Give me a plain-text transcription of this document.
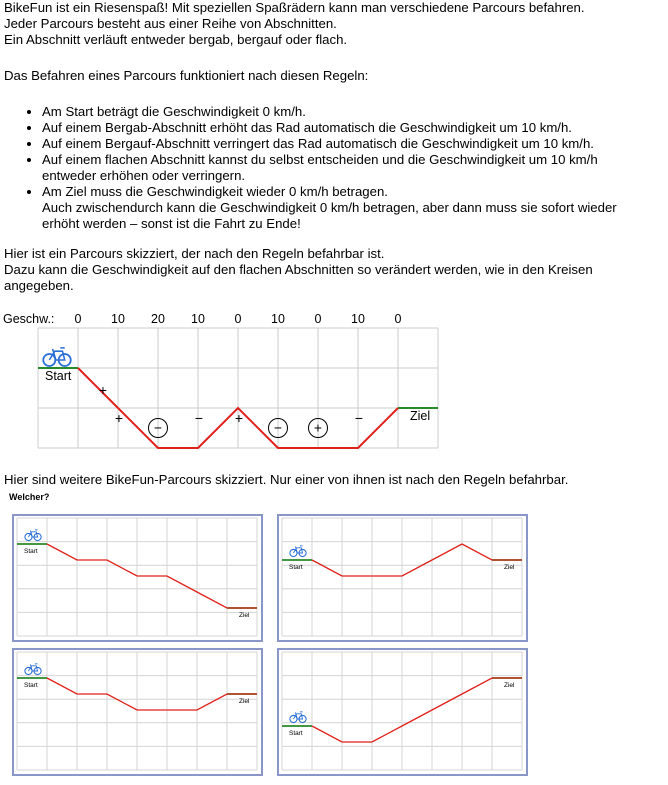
BikeFun ist ein Riesenspaß! Mit speziellen Spaßrädern kann man verschiedene Parcours befahren.
Jeder Parcours besteht aus einer Reihe von Abschnitten.
Ein Abschnitt verläuft entweder bergab, bergauf oder flach.
Das Befahren eines Parcours funktioniert nach diesen Regeln:
• Am Start beträgt die Geschwindigkeit 0 km/h.
• Auf einem Bergab-Abschnitt erhöht das Rad automatisch die Geschwindigkeit um 10 km/h.
• Auf einem Bergauf-Abschnitt verringert das Rad automatisch die Geschwindigkeit um 10 km/h.
• Auf einem flachen Abschnitt kannst du selbst entscheiden und die Geschwindigkeit um 10 km/h
entweder erhöhen oder verringern.
• Am Ziel muss die Geschwindigkeit wieder 0 km/h betragen.
Auch zwischendurch kann die Geschwindigkeit 0 km/h betragen, aber dann muss sie sofort wieder
erhöht werden – sonst ist die Fahrt zu Ende!
Hier ist ein Parcours skizziert, der nach den Regeln befahrbar ist.
Dazu kann die Geschwindigkeit auf den flachen Abschnitten so verändert werden, wie in den Kreisen
angegeben.
Geschw.: 0 10 20 10 0 10 0 10 0
Start
Ziel
+
+
−
− +
− +
−
Hier sind weitere BikeFun-Parcours skizziert. Nur einer von ihnen ist nach den Regeln befahrbar.
Welcher?
Start
Ziel
Start	Ziel
Start
Ziel
Start
Ziel
